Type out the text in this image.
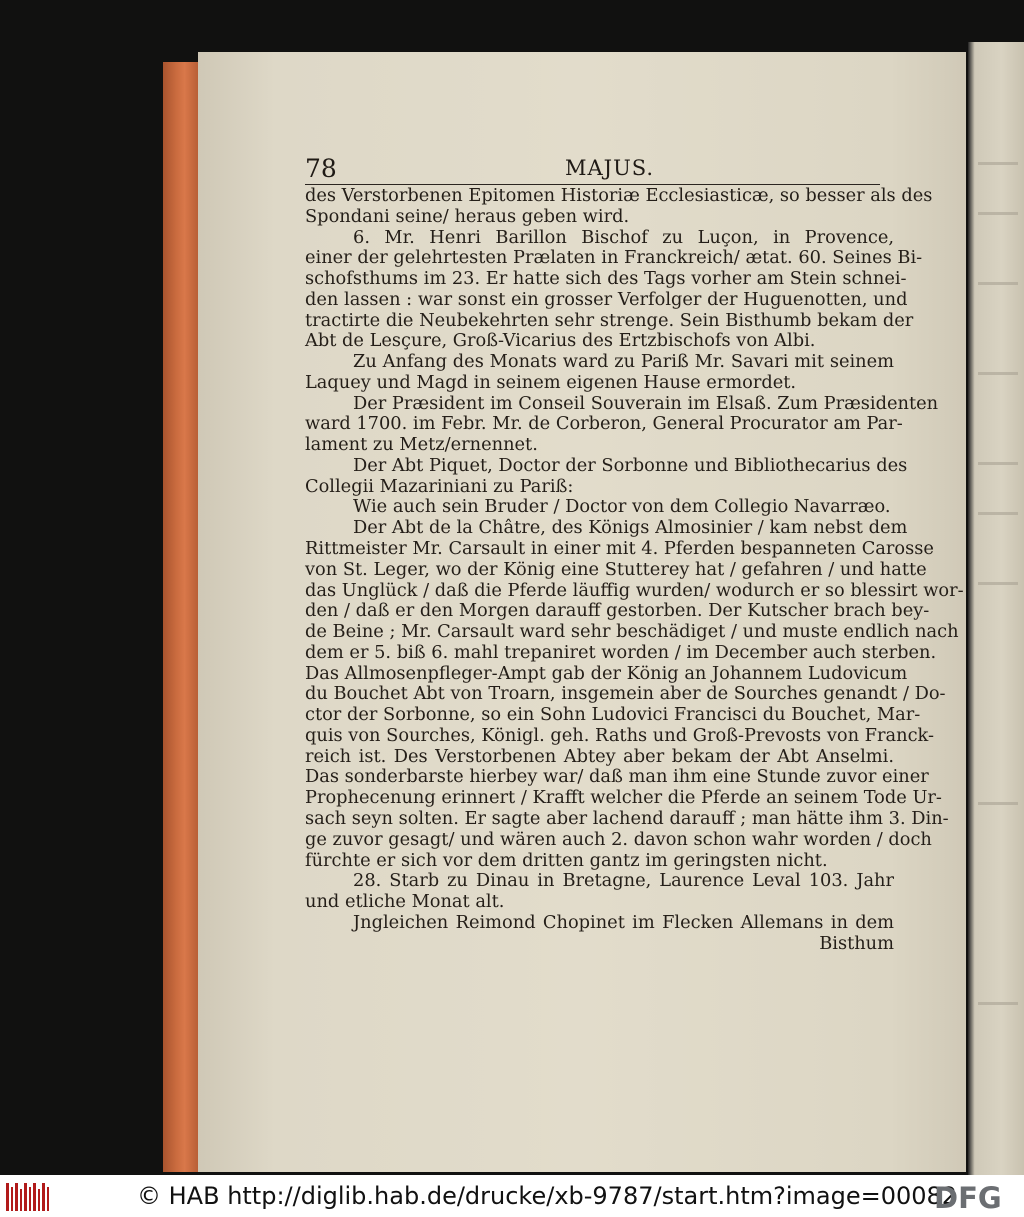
78	MAJUS.
des Verstorbenen Epitomen Historiæ Ecclesiasticæ, so besser als des
Spondani seine/ heraus geben wird.
6. Mr. Henri Barillon Bischof zu Luçon, in Provence,
einer der gelehrtesten Prælaten in Franckreich/ ætat. 60. Seines Bi-
schofsthums im 23. Er hatte sich des Tags vorher am Stein schnei-
den lassen : war sonst ein grosser Verfolger der Huguenotten, und
tractirte die Neubekehrten sehr strenge. Sein Bisthumb bekam der
Abt de Lesçure, Groß-Vicarius des Ertzbischofs von Albi.
Zu Anfang des Monats ward zu Pariß Mr. Savari mit seinem
Laquey und Magd in seinem eigenen Hause ermordet.
Der Præsident im Conseil Souverain im Elsaß. Zum Præsidenten
ward 1700. im Febr. Mr. de Corberon, General Procurator am Par-
lament zu Metz/ernennet.
Der Abt Piquet, Doctor der Sorbonne und Bibliothecarius des
Collegii Mazariniani zu Pariß:
Wie auch sein Bruder / Doctor von dem Collegio Navarræo.
Der Abt de la Châtre, des Königs Almosinier / kam nebst dem
Rittmeister Mr. Carsault in einer mit 4. Pferden bespanneten Carosse
von St. Leger, wo der König eine Stutterey hat / gefahren / und hatte
das Unglück / daß die Pferde läuffig wurden/ wodurch er so blessirt wor-
den / daß er den Morgen darauff gestorben. Der Kutscher brach bey-
de Beine ; Mr. Carsault ward sehr beschädiget / und muste endlich nach
dem er 5. biß 6. mahl trepaniret worden / im December auch sterben.
Das Allmosenpfleger-Ampt gab der König an Johannem Ludovicum
du Bouchet Abt von Troarn, insgemein aber de Sourches genandt / Do-
ctor der Sorbonne, so ein Sohn Ludovici Francisci du Bouchet, Mar-
quis von Sourches, Königl. geh. Raths und Groß-Prevosts von Franck-
reich ist. Des Verstorbenen Abtey aber bekam der Abt Anselmi.
Das sonderbarste hierbey war/ daß man ihm eine Stunde zuvor einer
Prophecenung erinnert / Krafft welcher die Pferde an seinem Tode Ur-
sach seyn solten. Er sagte aber lachend darauff ; man hätte ihm 3. Din-
ge zuvor gesagt/ und wären auch 2. davon schon wahr worden / doch
fürchte er sich vor dem dritten gantz im geringsten nicht.
28. Starb zu Dinau in Bretagne, Laurence Leval 103. Jahr
und etliche Monat alt.
Jngleichen Reimond Chopinet im Flecken Allemans in dem
Bisthum
© HAB http://diglib.hab.de/drucke/xb-9787/start.htm?image=00082
DFG
